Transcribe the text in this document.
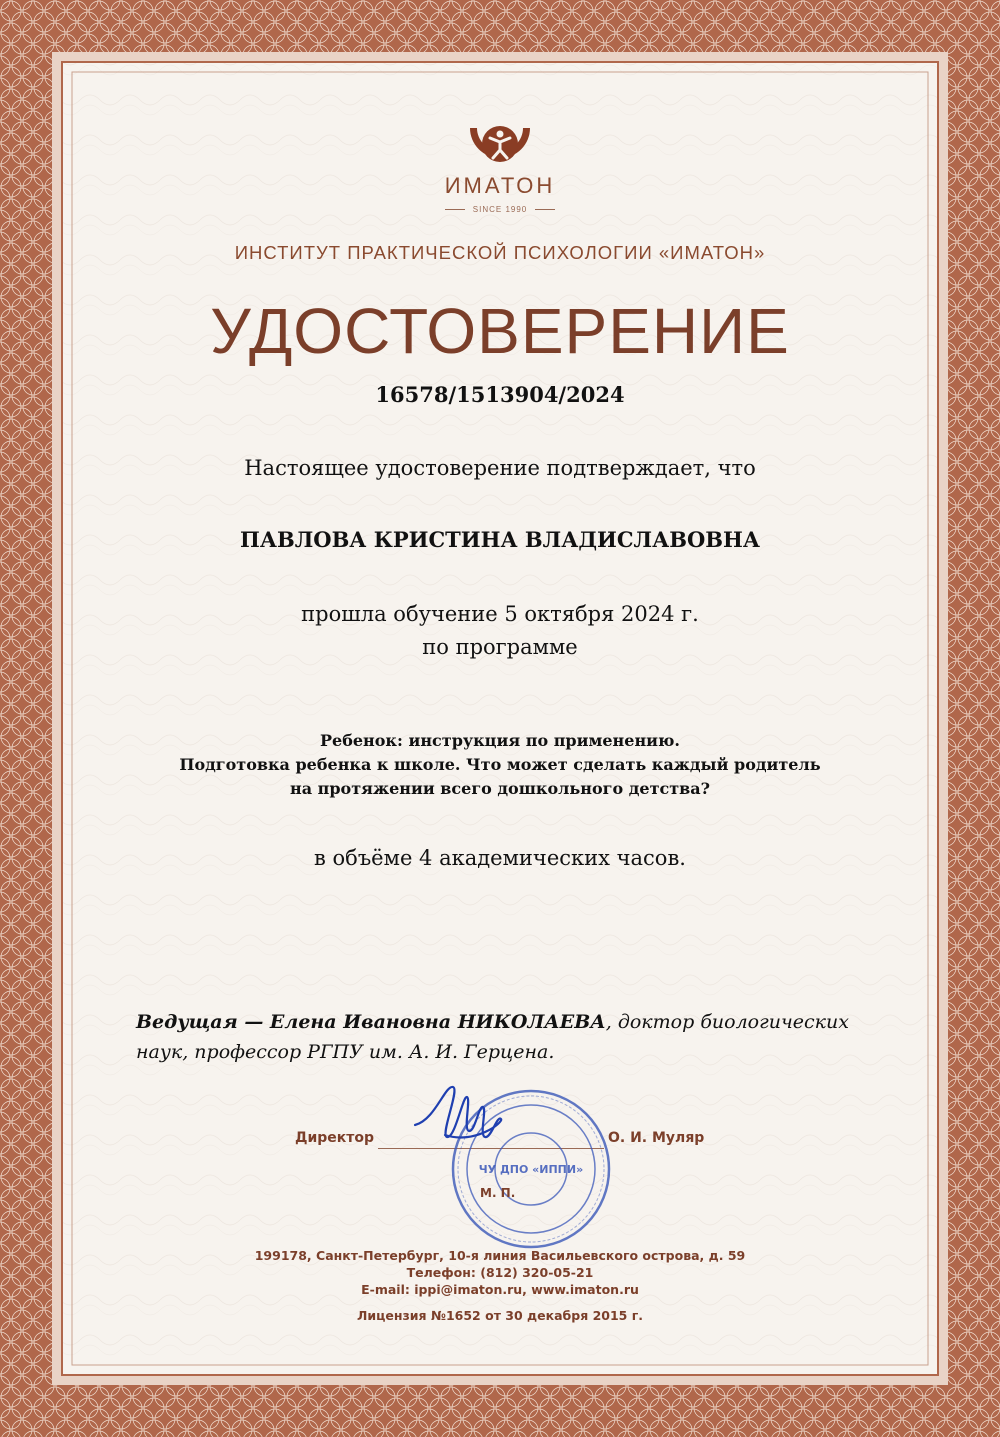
ИМАТОН
SINCE 1990
ИНСТИТУТ ПРАКТИЧЕСКОЙ ПСИХОЛОГИИ «ИМАТОН»
УДОСТОВЕРЕНИЕ
16578/1513904/2024
Настоящее удостоверение подтверждает, что
ПАВЛОВА КРИСТИНА ВЛАДИСЛАВОВНА
прошла обучение 5 октября 2024 г.
по программе
Ребенок: инструкция по применению.
Подготовка ребенка к школе. Что может сделать каждый родитель
на протяжении всего дошкольного детства?
в объёме 4 академических часов.
Ведущая — Елена Ивановна НИКОЛАЕВА, доктор биологических
наук, профессор РГПУ им. А. И. Герцена.
Директор	О. И. Муляр
ЧУ ДПО «ИППИ»
М. П.
199178, Санкт-Петербург, 10-я линия Васильевского острова, д. 59
Телефон: (812) 320-05-21
E-mail: ippi@imaton.ru, www.imaton.ru
Лицензия №1652 от 30 декабря 2015 г.
